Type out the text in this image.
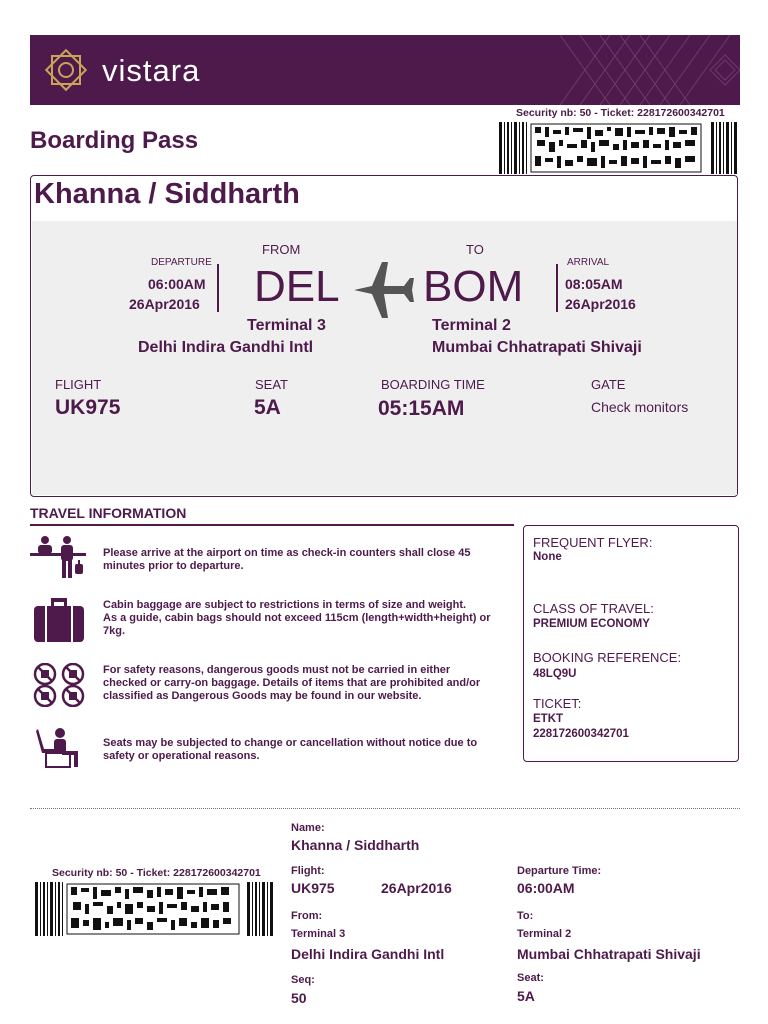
vistara
Security nb: 50 - Ticket: 228172600342701
Boarding Pass
Khanna / Siddharth
DEPARTURE
06:00AM
26Apr2016
FROM
DEL
TO
BOM	ARRIVAL
08:05AM
26Apr2016
Terminal 3
Delhi Indira Gandhi Intl
Terminal 2
Mumbai Chhatrapati Shivaji
FLIGHT
UK975
SEAT
5A
BOARDING TIME
05:15AM
GATE
Check monitors
TRAVEL INFORMATION
Please arrive at the airport on time as check-in counters shall close 45
minutes prior to departure.
Cabin baggage are subject to restrictions in terms of size and weight.
As a guide, cabin bags should not exceed 115cm (length+width+height) or
7kg.
For safety reasons, dangerous goods must not be carried in either
checked or carry-on baggage. Details of items that are prohibited and/or
classified as Dangerous Goods may be found in our website.
Seats may be subjected to change or cancellation without notice due to
safety or operational reasons.
FREQUENT FLYER:
None
CLASS OF TRAVEL:
PREMIUM ECONOMY
BOOKING REFERENCE:
48LQ9U
TICKET:
ETKT
228172600342701
Security nb: 50 - Ticket: 228172600342701
Name:
Khanna / Siddharth
Flight:
UK975	26Apr2016
Departure Time:
06:00AM
From:
Terminal 3
Delhi Indira Gandhi Intl
To:
Terminal 2
Mumbai Chhatrapati Shivaji
Seq:
50
Seat:
5A
